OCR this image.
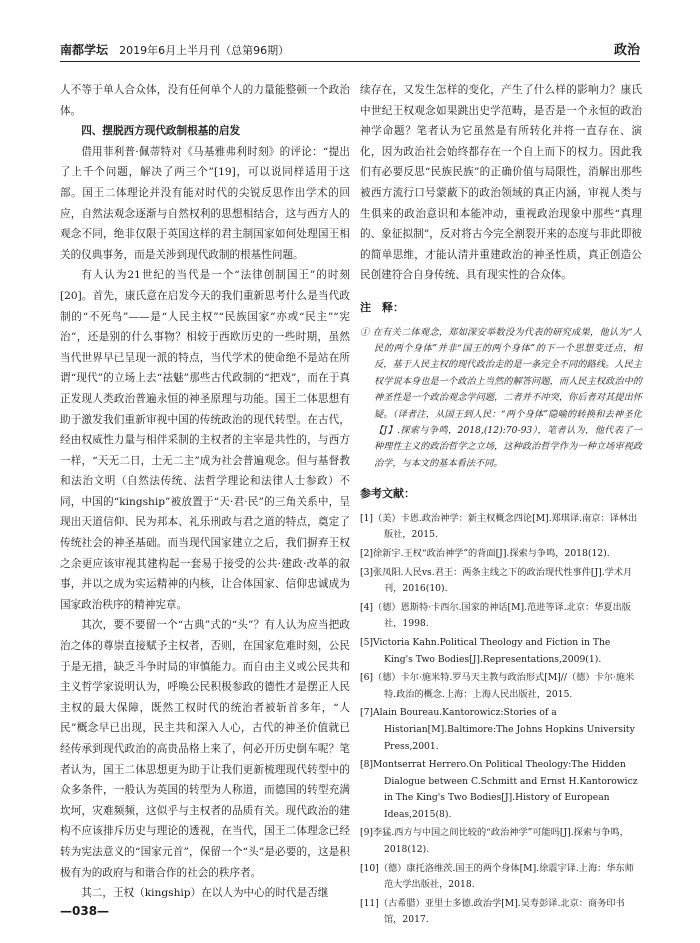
南都学坛 2019年6月上半月刊（总第96期）	政治

人不等于单人合众体，没有任何单个人的力量能整顿一个政治体。

四、摆脱西方现代政制根基的启发

借用菲利普·佩蒂特对《马基雅弗利时刻》的评论：“提出了上千个问题，解决了两三个”[19]，可以说同样适用于这部。国王二体理论并没有能对时代的尖锐反思作出学术的回应，自然法观念逐渐与自然权利的思想相结合，这与西方人的观念不同，绝非仅限于英国这样的君主制国家如何处理国王相关的仪典事务，而是关涉到现代政制的根基性问题。

有人认为21世纪的当代是一个“法律创制国王”的时刻[20]。首先，康氏意在启发今天的我们重新思考什么是当代政制的“不死鸟”——是“人民主权”“民族国家”亦或“民主”“宪治”，还是别的什么事物？相较于西欧历史的一些时期，虽然当代世界早已呈现一派的特点，当代学术的使命绝不是站在所谓“现代”的立场上去“祛魅”那些古代政制的“把戏”，而在于真正发现人类政治普遍永恒的神圣原理与功能。国王二体思想有助于激发我们重新审视中国的传统政治的现代转型。在古代，经由权威性力量与相伴采制的主权者的主宰是共性的，与西方一样，“天无二日，土无二主”成为社会普遍观念。但与基督教和法治文明（自然法传统、法哲学理论和法律人士参政）不同，中国的“kingship”被放置于“天·君·民”的三角关系中，呈现出天道信仰、民为邦本、礼乐刑政与君之道的特点，奠定了传统社会的神圣基础。而当现代国家建立之后，我们摒弃王权之余更应该审视其建构起一套易于接受的公共·建政·改革的叙事，并以之成为实运精神的内核，让合体国家、信仰忠诚成为国家政治秩序的精神宪章。

其次，要不要留一个“古典”式的“头”？有人认为应当把政治之体的尊崇直接赋予主权者，否则，在国家危难时刻，公民于是无措，缺乏斗争时局的审慎能力。而自由主义或公民共和主义哲学家说明认为，呼唤公民积极参政的德性才是摆正人民主权的最大保障，既然工权时代的统治者被斩首多年，“人民”概念早已出现，民主共和深入人心，古代的神圣价值就已经传承到现代政治的高贵品格上来了，何必开历史倒车呢？笔者认为，国王二体思想更为助于让我们更新梳理现代转型中的众多条件，一般认为英国的转型为人称道，而德国的转型充满坎坷，灾难频频，这似乎与主权者的品质有关。现代政治的建构不应该排斥历史与理论的透视，在当代，国王二体理念已经转为宪法意义的“国家元首”，保留一个“头”是必要的，这是积极有为的政府与和谐合作的社会的秩序者。

其二，王权（kingship）在以人为中心的时代是否继

续存在，又发生怎样的变化，产生了什么样的影响力？康氏中世纪王权观念如果跳出史学范畴，是否是一个永恒的政治神学命题？笔者认为它虽然是有所转化并将一直存在、演化，因为政治社会始终都存在一个自上而下的权力。因此我们有必要反思“民族民族”的正确价值与局限性，消解出那些被西方流行口号蒙蔽下的政治领域的真正内涵，审视人类与生俱来的政治意识和本能冲动，重视政治现象中那些“真理的、象征拟制”，反对将古今完全割裂开来的态度与非此即彼的简单思维，才能认清并重建政治的神圣性质，真正创造公民创建符合自身传统、具有现实性的合众体。

注　释：
① 在有关二体观念，郑如深安举数没为代表的研究成果，他认为“人民的两个身体”并非“国王的两个身体”的下一个思想变迁点，相反，基于人民主权的现代政治走的是一条完全不同的路线。人民主权学说本身也是一个政治上当然的解答问题，而人民主权政治中的神圣性是一个政治观念学问题，二者并不冲突，你后者对其提出怀疑。（译者注，从国王到人民：“两个身体”隐喻的转换和去神圣化【J】.探索与争鸣，2018,(12):70-93），笔者认为，他代表了一种理性主义的政治哲学之立场，这种政治哲学作为一种立场审视政治学，与本文的基本看法不同。
参考文献：
[1]（美）卡恩.政治神学：新主权概念四论[M].郑琪译.南京：译林出版社，2015.
[2]徐新宇.王权“政治神学”的背面[J].探索与争鸣，2018(12).
[3]张凤阳.人民vs.君王：两条主线之下的政治现代性事件[J].学术月刊，2016(10).
[4]（德）恩斯特·卡西尔.国家的神话[M].范进等译.北京：华夏出版社，1998.
[5]Victoria Kahn.Political Theology and Fiction in The King's Two Bodies[J].Representations,2009(1).
[6]（德）卡尔·施米特.罗马天主教与政治形式[M]//（德）卡尔·施米特.政治的概念.上海：上海人民出版社，2015.
[7]Alain Boureau.Kantorowicz:Stories of a Historian[M].Baltimore:The Johns Hopkins University Press,2001.
[8]Montserrat Herrero.On Political Theology:The Hidden Dialogue between C.Schmitt and Ernst H.Kantorowicz in The King's Two Bodies[J].History of European Ideas,2015(8).
[9]李猛.西方与中国之间比较的“政治神学”可能吗[J].探索与争鸣，2018(12).
[10]（德）康托洛维茨.国王的两个身体[M].徐震宇译.上海：华东师范大学出版社，2018.
[11]（古希腊）亚里士多德.政治学[M].吴寿彭译.北京：商务印书馆，2017.
—038—
